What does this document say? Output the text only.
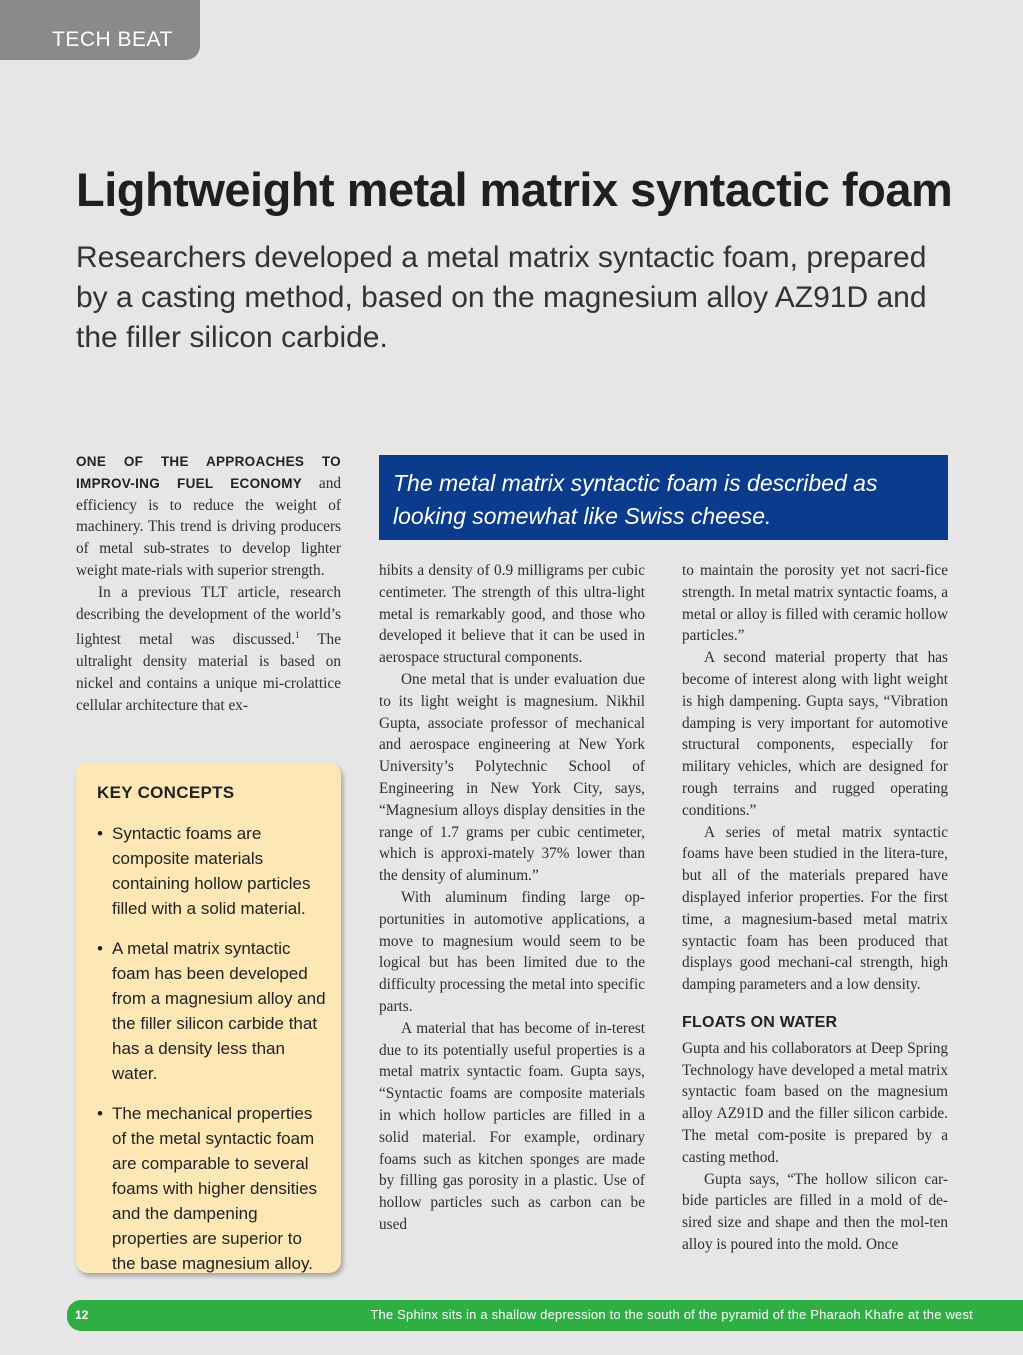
TECH BEAT
Lightweight metal matrix syntactic foam

Researchers developed a metal matrix syntactic foam, prepared by a casting method, based on the magnesium alloy AZ91D and the filler silicon carbide.

ONE OF THE APPROACHES TO IMPROV-ING FUEL ECONOMY and efficiency is to reduce the weight of machinery. This trend is driving producers of metal sub-strates to develop lighter weight mate-rials with superior strength.

In a previous TLT article, research describing the development of the world’s lightest metal was discussed.$^1$ The ultralight density material is based on nickel and contains a unique mi-crolattice cellular architecture that ex-

The metal matrix syntactic foam is described as looking somewhat like Swiss cheese.
KEY CONCEPTS
• Syntactic foams are composite materials containing hollow particles filled with a solid material.
• A metal matrix syntactic foam has been developed from a magnesium alloy and the filler silicon carbide that has a density less than water.
• The mechanical properties of the metal syntactic foam are comparable to several foams with higher densities and the dampening properties are superior to the base magnesium alloy.

hibits a density of 0.9 milligrams per cubic centimeter. The strength of this ultra-light metal is remarkably good, and those who developed it believe that it can be used in aerospace structural components.

One metal that is under evaluation due to its light weight is magnesium. Nikhil Gupta, associate professor of mechanical and aerospace engineering at New York University’s Polytechnic School of Engineering in New York City, says, “Magnesium alloys display densities in the range of 1.7 grams per cubic centimeter, which is approxi-mately 37% lower than the density of aluminum.”

With aluminum finding large op-portunities in automotive applications, a move to magnesium would seem to be logical but has been limited due to the difficulty processing the metal into specific parts.

A material that has become of in-terest due to its potentially useful properties is a metal matrix syntactic foam. Gupta says, “Syntactic foams are composite materials in which hollow particles are filled in a solid material. For example, ordinary foams such as kitchen sponges are made by filling gas porosity in a plastic. Use of hollow particles such as carbon can be used

to maintain the porosity yet not sacri-fice strength. In metal matrix syntactic foams, a metal or alloy is filled with ceramic hollow particles.”

A second material property that has become of interest along with light weight is high dampening. Gupta says, “Vibration damping is very important for automotive structural components, especially for military vehicles, which are designed for rough terrains and rugged operating conditions.”

A series of metal matrix syntactic foams have been studied in the litera-ture, but all of the materials prepared have displayed inferior properties. For the first time, a magnesium-based metal matrix syntactic foam has been produced that displays good mechani-cal strength, high damping parameters and a low density.

FLOATS ON WATER

Gupta and his collaborators at Deep Spring Technology have developed a metal matrix syntactic foam based on the magnesium alloy AZ91D and the filler silicon carbide. The metal com-posite is prepared by a casting method.

Gupta says, “The hollow silicon car-bide particles are filled in a mold of de-sired size and shape and then the mol-ten alloy is poured into the mold. Once

12	The Sphinx sits in a shallow depression to the south of the pyramid of the Pharaoh Khafre at the west
